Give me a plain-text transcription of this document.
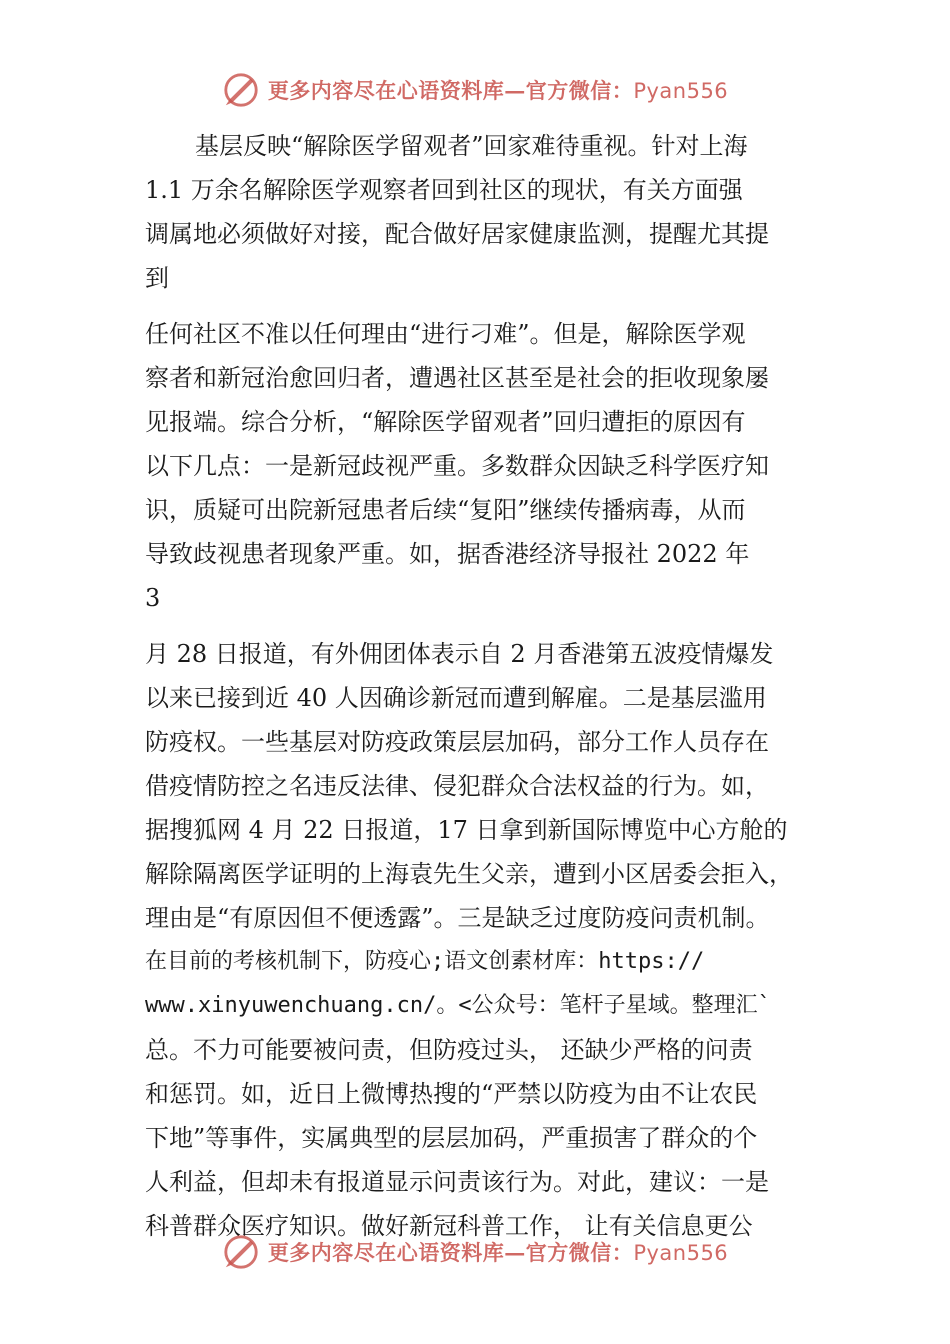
更多内容尽在心语资料库—官方微信：Pyan556
基层反映“解除医学留观者”回家难待重视。针对上海
1.1 万余名解除医学观察者回到社区的现状，有关方面强
调属地必须做好对接，配合做好居家健康监测，提醒尤其提
到
任何社区不准以任何理由“进行刁难”。但是，解除医学观
察者和新冠治愈回归者，遭遇社区甚至是社会的拒收现象屡
见报端。综合分析，“解除医学留观者”回归遭拒的原因有
以下几点：一是新冠歧视严重。多数群众因缺乏科学医疗知
识，质疑可出院新冠患者后续“复阳”继续传播病毒，从而
导致歧视患者现象严重。如，据香港经济导报社 2022 年
3
月 28 日报道，有外佣团体表示自 2 月香港第五波疫情爆发
以来已接到近 40 人因确诊新冠而遭到解雇。二是基层滥用
防疫权。一些基层对防疫政策层层加码，部分工作人员存在
借疫情防控之名违反法律、侵犯群众合法权益的行为。如，
据搜狐网 4 月 22 日报道，17 日拿到新国际博览中心方舱的
解除隔离医学证明的上海袁先生父亲，遭到小区居委会拒入，
理由是“有原因但不便透露”。三是缺乏过度防疫问责机制。
在目前的考核机制下，防疫心;语文创素材库：https://
www.xinyuwenchuang.cn/。<公众号：笔杆子星域。整理汇`
总。不力可能要被问责，但防疫过头， 还缺少严格的问责
和惩罚。如，近日上微博热搜的“严禁以防疫为由不让农民
下地”等事件，实属典型的层层加码，严重损害了群众的个
人利益，但却未有报道显示问责该行为。对此，建议：一是
科普群众医疗知识。做好新冠科普工作， 让有关信息更公
更多内容尽在心语资料库—官方微信：Pyan556
